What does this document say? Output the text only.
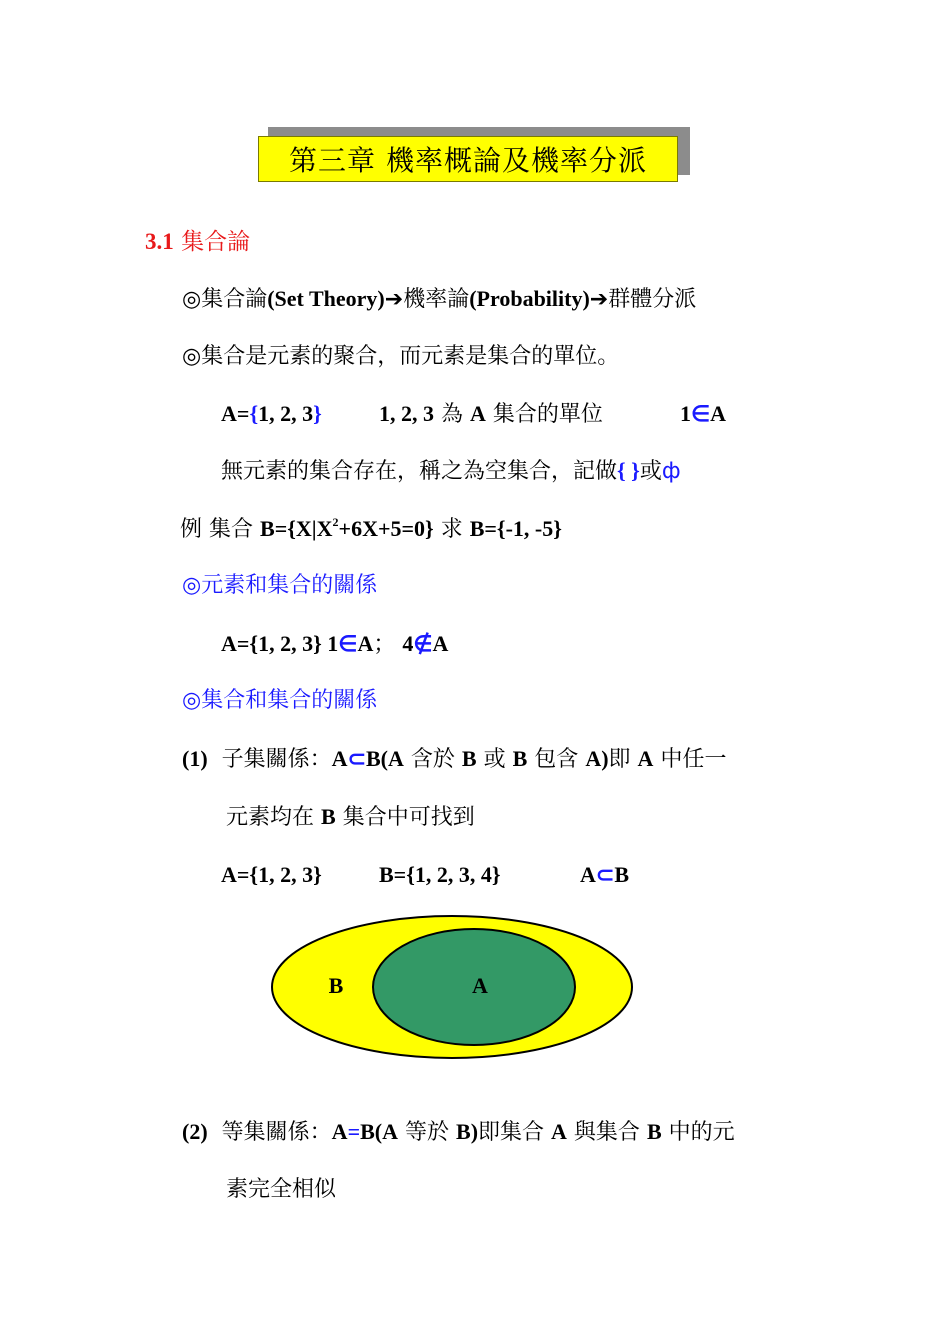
第三章 機率概論及機率分派
3.1 集合論
◎集合論(Set Theory)➔機率論(Probability)➔群體分派
◎集合是元素的聚合，而元素是集合的單位。
A={1, 2, 3}	1, 2, 3 為 A 集合的單位	1∈A
無元素的集合存在，稱之為空集合，記做{ }或ф
例 集合 $B=\{X|X^2+6X+5=0\}$ 求 B={-1, -5}
◎元素和集合的關係
A={1, 2, 3} 1∈A； 4∉A
◎集合和集合的關係
(1) 子集關係：A⊂B(A 含於 B 或 B 包含 A)即 A 中任一
元素均在 B 集合中可找到
A={1, 2, 3}	B={1, 2, 3, 4}	A⊂B
B	A
(2) 等集關係：A=B(A 等於 B)即集合 A 與集合 B 中的元
素完全相似
